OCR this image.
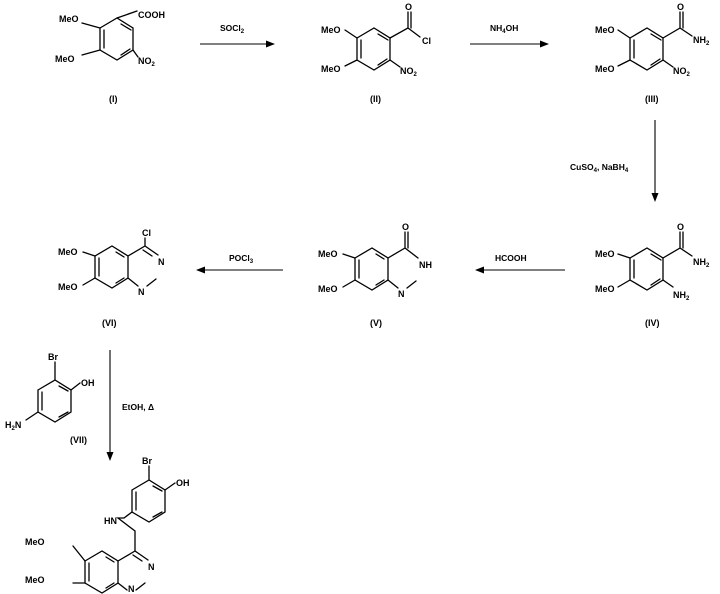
MeO
MeO
COOH
$NO_2$
(I)
MeO
MeO
O
Cl
$NO_2$
(II)
MeO
MeO
O
$NH_2$
$NO_2$
(III)
MeO
MeO
O
$NH_2$
$NH_2$
(IV)
MeO
MeO
O
NH
N
(V)
MeO
MeO
Cl
N
N
(VI)
Br
OH
$H_2N$
(VII)
Br
OH
HN
MeO
MeO
N
N
SOCl$_2$	$NH_4OH$
CuSO$_4$, NaBH$_4$
HCOOH
POCl$_3$
EtOH, Δ
